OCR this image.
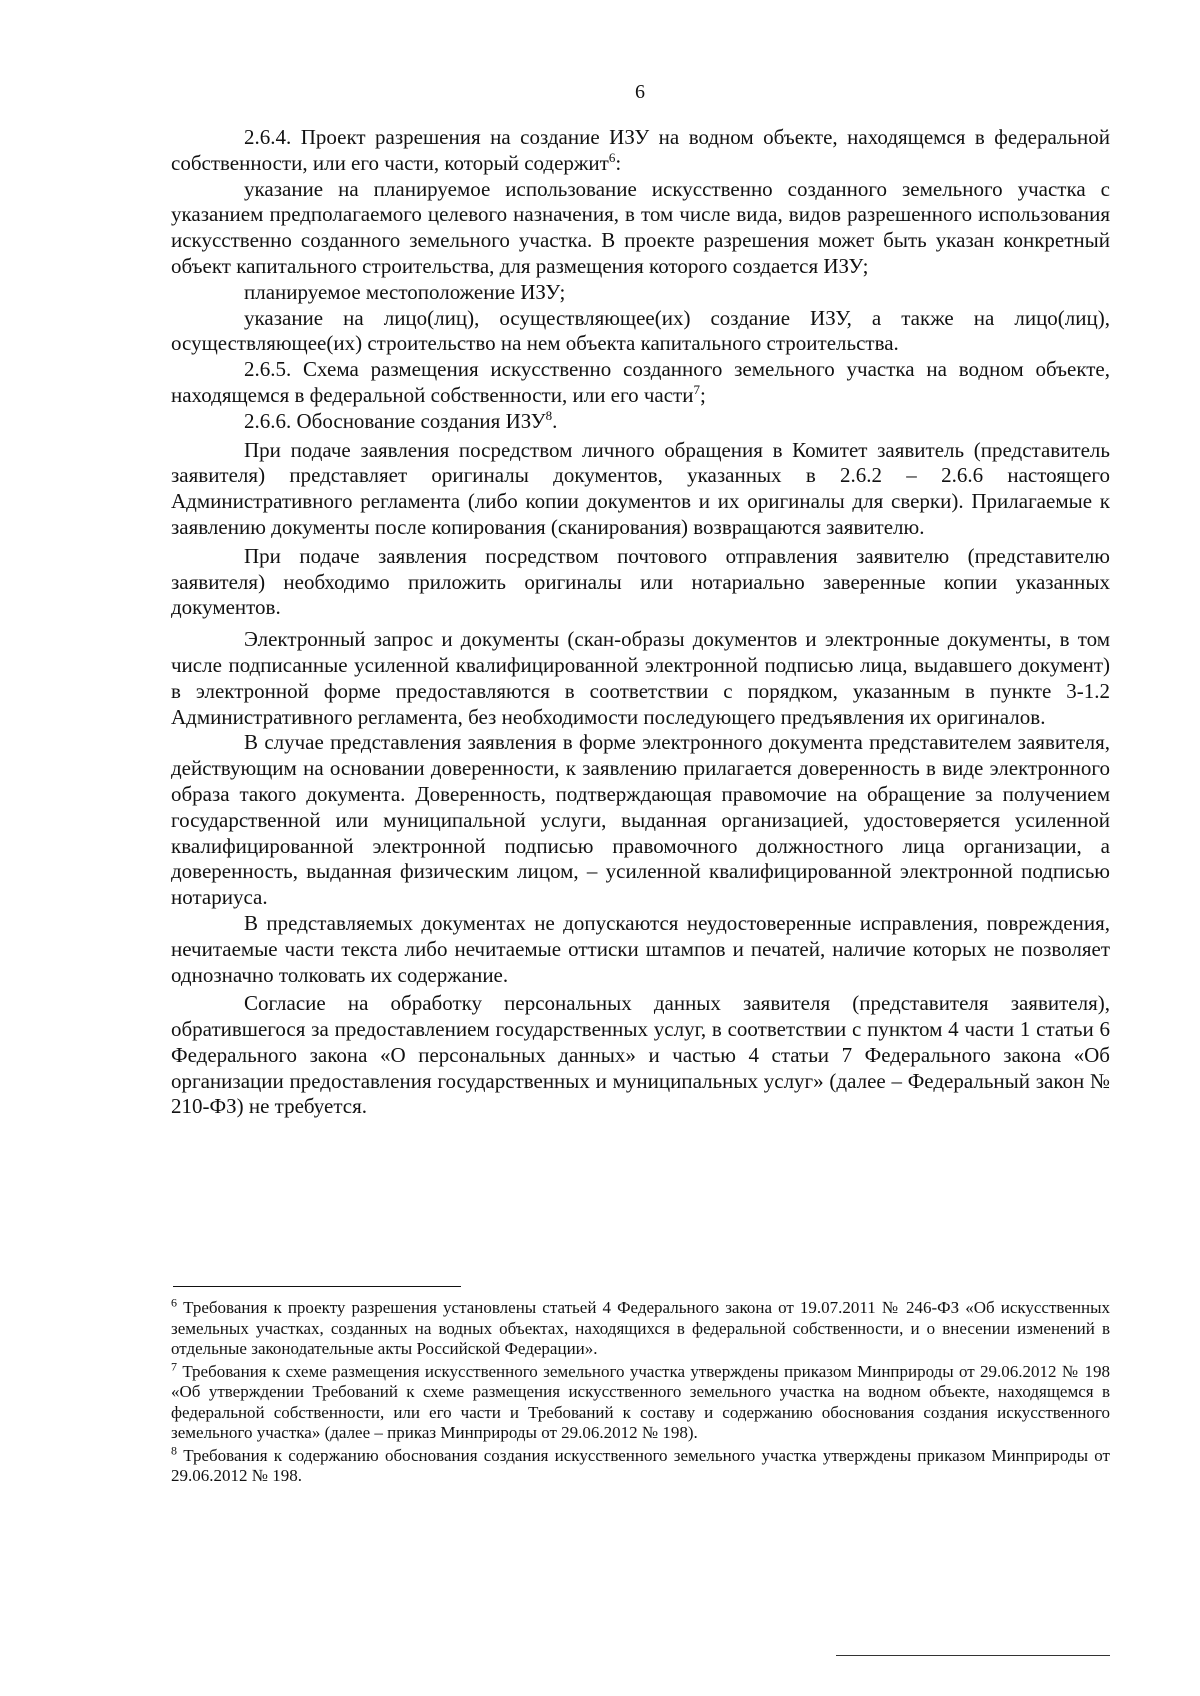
6

2.6.4. Проект разрешения на создание ИЗУ на водном объекте, находящемся в федеральной собственности, или его части, который содержит$^6$:

указание на планируемое использование искусственно созданного земельного участка с указанием предполагаемого целевого назначения, в том числе вида, видов разрешенного использования искусственно созданного земельного участка. В проекте разрешения может быть указан конкретный объект капитального строительства, для размещения которого создается ИЗУ;

планируемое местоположение ИЗУ;

указание на лицо(лиц), осуществляющее(их) создание ИЗУ, а также на лицо(лиц), осуществляющее(их) строительство на нем объекта капитального строительства.

2.6.5. Схема размещения искусственно созданного земельного участка на водном объекте, находящемся в федеральной собственности, или его части$^7$;

2.6.6. Обоснование создания ИЗУ$^8$.

При подаче заявления посредством личного обращения в Комитет заявитель (представитель заявителя) представляет оригиналы документов, указанных в 2.6.2 – 2.6.6 настоящего Административного регламента (либо копии документов и их оригиналы для сверки). Прилагаемые к заявлению документы после копирования (сканирования) возвращаются заявителю.

При подаче заявления посредством почтового отправления заявителю (представителю заявителя) необходимо приложить оригиналы или нотариально заверенные копии указанных документов.

Электронный запрос и документы (скан-образы документов и электронные документы, в том числе подписанные усиленной квалифицированной электронной подписью лица, выдавшего документ) в электронной форме предоставляются в соответствии с порядком, указанным в пункте 3-1.2 Административного регламента, без необходимости последующего предъявления их оригиналов.

В случае представления заявления в форме электронного документа представителем заявителя, действующим на основании доверенности, к заявлению прилагается доверенность в виде электронного образа такого документа. Доверенность, подтверждающая правомочие на обращение за получением государственной или муниципальной услуги, выданная организацией, удостоверяется усиленной квалифицированной электронной подписью правомочного должностного лица организации, а доверенность, выданная физическим лицом, – усиленной квалифицированной электронной подписью нотариуса.

В представляемых документах не допускаются неудостоверенные исправления, повреждения, нечитаемые части текста либо нечитаемые оттиски штампов и печатей, наличие которых не позволяет однозначно толковать их содержание.

Согласие на обработку персональных данных заявителя (представителя заявителя), обратившегося за предоставлением государственных услуг, в соответствии с пунктом 4 части 1 статьи 6 Федерального закона «О персональных данных» и частью 4 статьи 7 Федерального закона «Об организации предоставления государственных и муниципальных услуг» (далее – Федеральный закон № 210-ФЗ) не требуется.

$^6$ Требования к проекту разрешения установлены статьей 4 Федерального закона от 19.07.2011 № 246-ФЗ «Об искусственных земельных участках, созданных на водных объектах, находящихся в федеральной собственности, и о внесении изменений в отдельные законодательные акты Российской Федерации».

$^7$ Требования к схеме размещения искусственного земельного участка утверждены приказом Минприроды от 29.06.2012 № 198 «Об утверждении Требований к схеме размещения искусственного земельного участка на водном объекте, находящемся в федеральной собственности, или его части и Требований к составу и содержанию обоснования создания искусственного земельного участка» (далее – приказ Минприроды от 29.06.2012 № 198).

$^8$ Требования к содержанию обоснования создания искусственного земельного участка утверждены приказом Минприроды от 29.06.2012 № 198.
